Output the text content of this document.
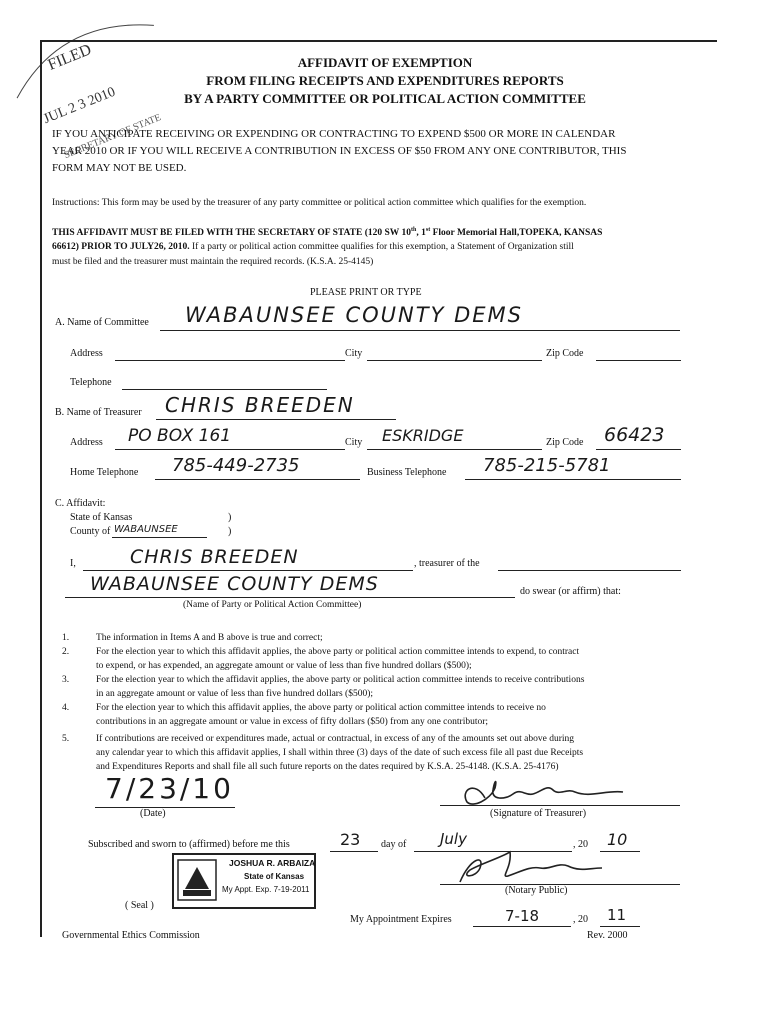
FILED
JUL 2 3 2010
SECRETARY OF STATE
AFFIDAVIT OF EXEMPTION
FROM FILING RECEIPTS AND EXPENDITURES REPORTS
BY A PARTY COMMITTEE OR POLITICAL ACTION COMMITTEE
IF YOU ANTICIPATE RECEIVING OR EXPENDING OR CONTRACTING TO EXPEND $500 OR MORE IN CALENDAR
YEAR 2010 OR IF YOU WILL RECEIVE A CONTRIBUTION IN EXCESS OF $50 FROM ANY ONE CONTRIBUTOR, THIS
FORM MAY NOT BE USED.
Instructions: This form may be used by the treasurer of any party committee or political action committee which qualifies for the exemption.
THIS AFFIDAVIT MUST BE FILED WITH THE SECRETARY OF STATE (120 SW 10th, 1st Floor Memorial Hall,TOPEKA, KANSAS
66612) PRIOR TO JULY26, 2010. If a party or political action committee qualifies for this exemption, a Statement of Organization still
must be filed and the treasurer must maintain the required records. (K.S.A. 25-4145)
PLEASE PRINT OR TYPE
A. Name of Committee WABAUNSEE COUNTY DEMS
Address	City	Zip Code
Telephone
B. Name of Treasurer CHRIS BREEDEN
Address PO BOX 161	City ESKRIDGE	Zip Code 66423
Home Telephone 785-449-2735	Business Telephone 785-215-5781
C. Affidavit:
State of Kansas	)
County of WABAUNSEE	)
I,	CHRIS BREEDEN	, treasurer of the
WABAUNSEE COUNTY DEMS	do swear (or affirm) that:
(Name of Party or Political Action Committee)
1.	The information in Items A and B above is true and correct;
2.	For the election year to which this affidavit applies, the above party or political action committee intends to expend, to contract
to expend, or has expended, an aggregate amount or value of less than five hundred dollars ($500);
3.	For the election year to which the affidavit applies, the above party or political action committee intends to receive contributions
in an aggregate amount or value of less than five hundred dollars ($500);
4.	For the election year to which this affidavit applies, the above party or political action committee intends to receive no
contributions in an aggregate amount or value in excess of fifty dollars ($50) from any one contributor;
5.	If contributions are received or expenditures made, actual or contractual, in excess of any of the amounts set out above during
any calendar year to which this affidavit applies, I shall within three (3) days of the date of such excess file all past due Receipts
and Expenditures Reports and shall file all such future reports on the dates required by K.S.A. 25-4148. (K.S.A. 25-4176)
7/23/10
(Date)	(Signature of Treasurer)
Subscribed and sworn to (affirmed) before me this	23 day of July	, 20 10
JOSHUA R. ARBAIZA
State of Kansas
My Appt. Exp. 7-19-2011
( Seal )
(Notary Public)
My Appointment Expires	7-18	, 20 11
Governmental Ethics Commission	Rev. 2000
